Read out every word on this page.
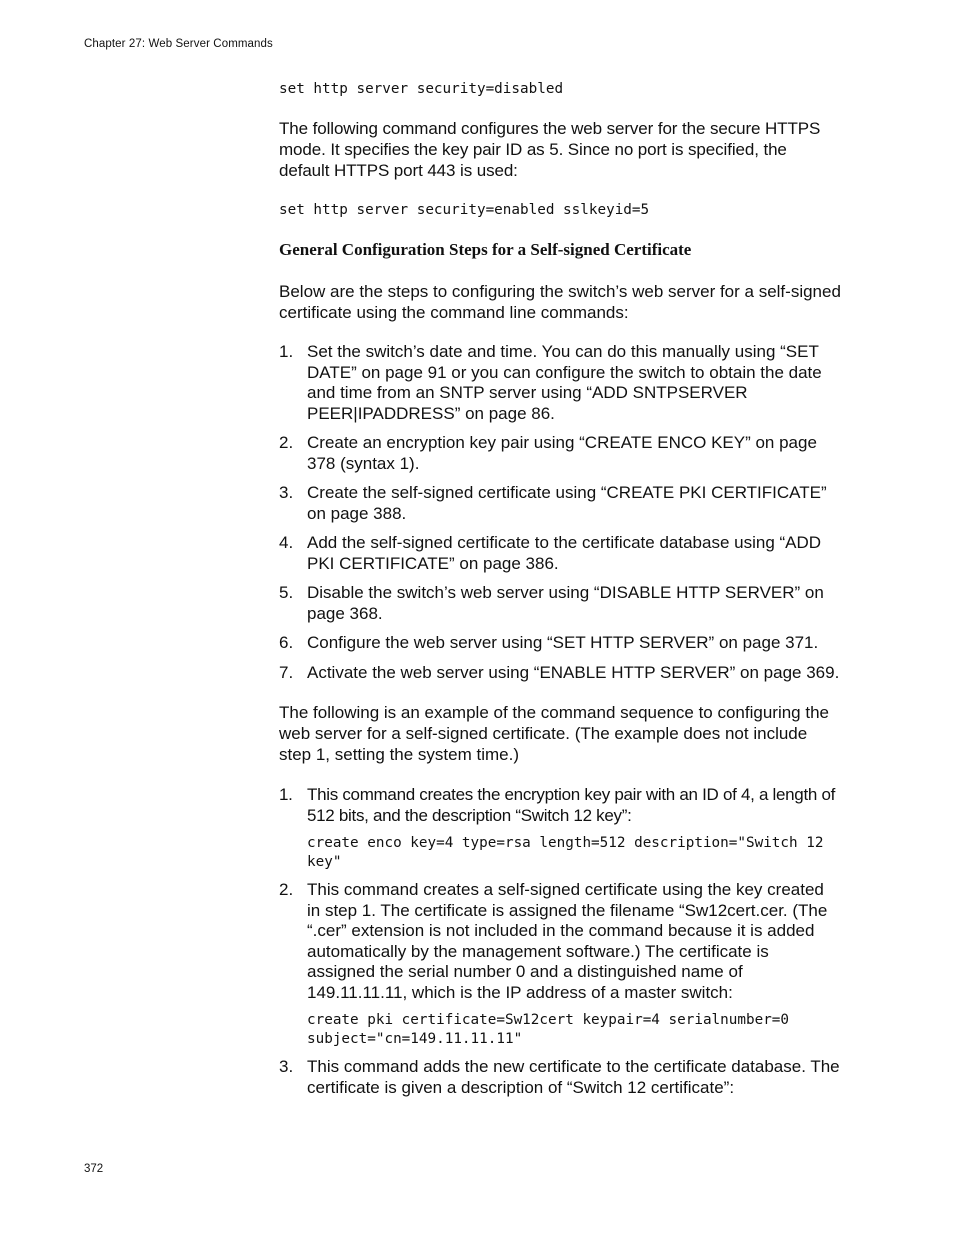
Chapter 27: Web Server Commands
set http server security=disabled

The following command configures the web server for the secure HTTPS mode. It specifies the key pair ID as 5. Since no port is specified, the default HTTPS port 443 is used:

set http server security=enabled sslkeyid=5
General Configuration Steps for a Self-signed Certificate

Below are the steps to configuring the switch’s web server for a self-signed certificate using the command line commands:

1. Set the switch’s date and time. You can do this manually using “SET DATE” on page 91 or you can configure the switch to obtain the date and time from an SNTP server using “ADD SNTPSERVER PEER|IPADDRESS” on page 86.
2. Create an encryption key pair using “CREATE ENCO KEY” on page 378 (syntax 1).
3. Create the self-signed certificate using “CREATE PKI CERTIFICATE” on page 388.
4. Add the self-signed certificate to the certificate database using “ADD PKI CERTIFICATE” on page 386.
5. Disable the switch’s web server using “DISABLE HTTP SERVER” on page 368.
6. Configure the web server using “SET HTTP SERVER” on page 371.
7. Activate the web server using “ENABLE HTTP SERVER” on page 369.

The following is an example of the command sequence to configuring the web server for a self-signed certificate. (The example does not include step 1, setting the system time.)

1. This command creates the encryption key pair with an ID of 4, a length of 512 bits, and the description “Switch 12 key”:
create enco key=4 type=rsa length=512 description="Switch 12 key"
2. This command creates a self-signed certificate using the key created in step 1. The certificate is assigned the filename “Sw12cert.cer. (The “.cer” extension is not included in the command because it is added automatically by the management software.) The certificate is assigned the serial number 0 and a distinguished name of 149.11.11.11, which is the IP address of a master switch:
create pki certificate=Sw12cert keypair=4 serialnumber=0 subject="cn=149.11.11.11"
3. This command adds the new certificate to the certificate database. The certificate is given a description of “Switch 12 certificate”:
372
